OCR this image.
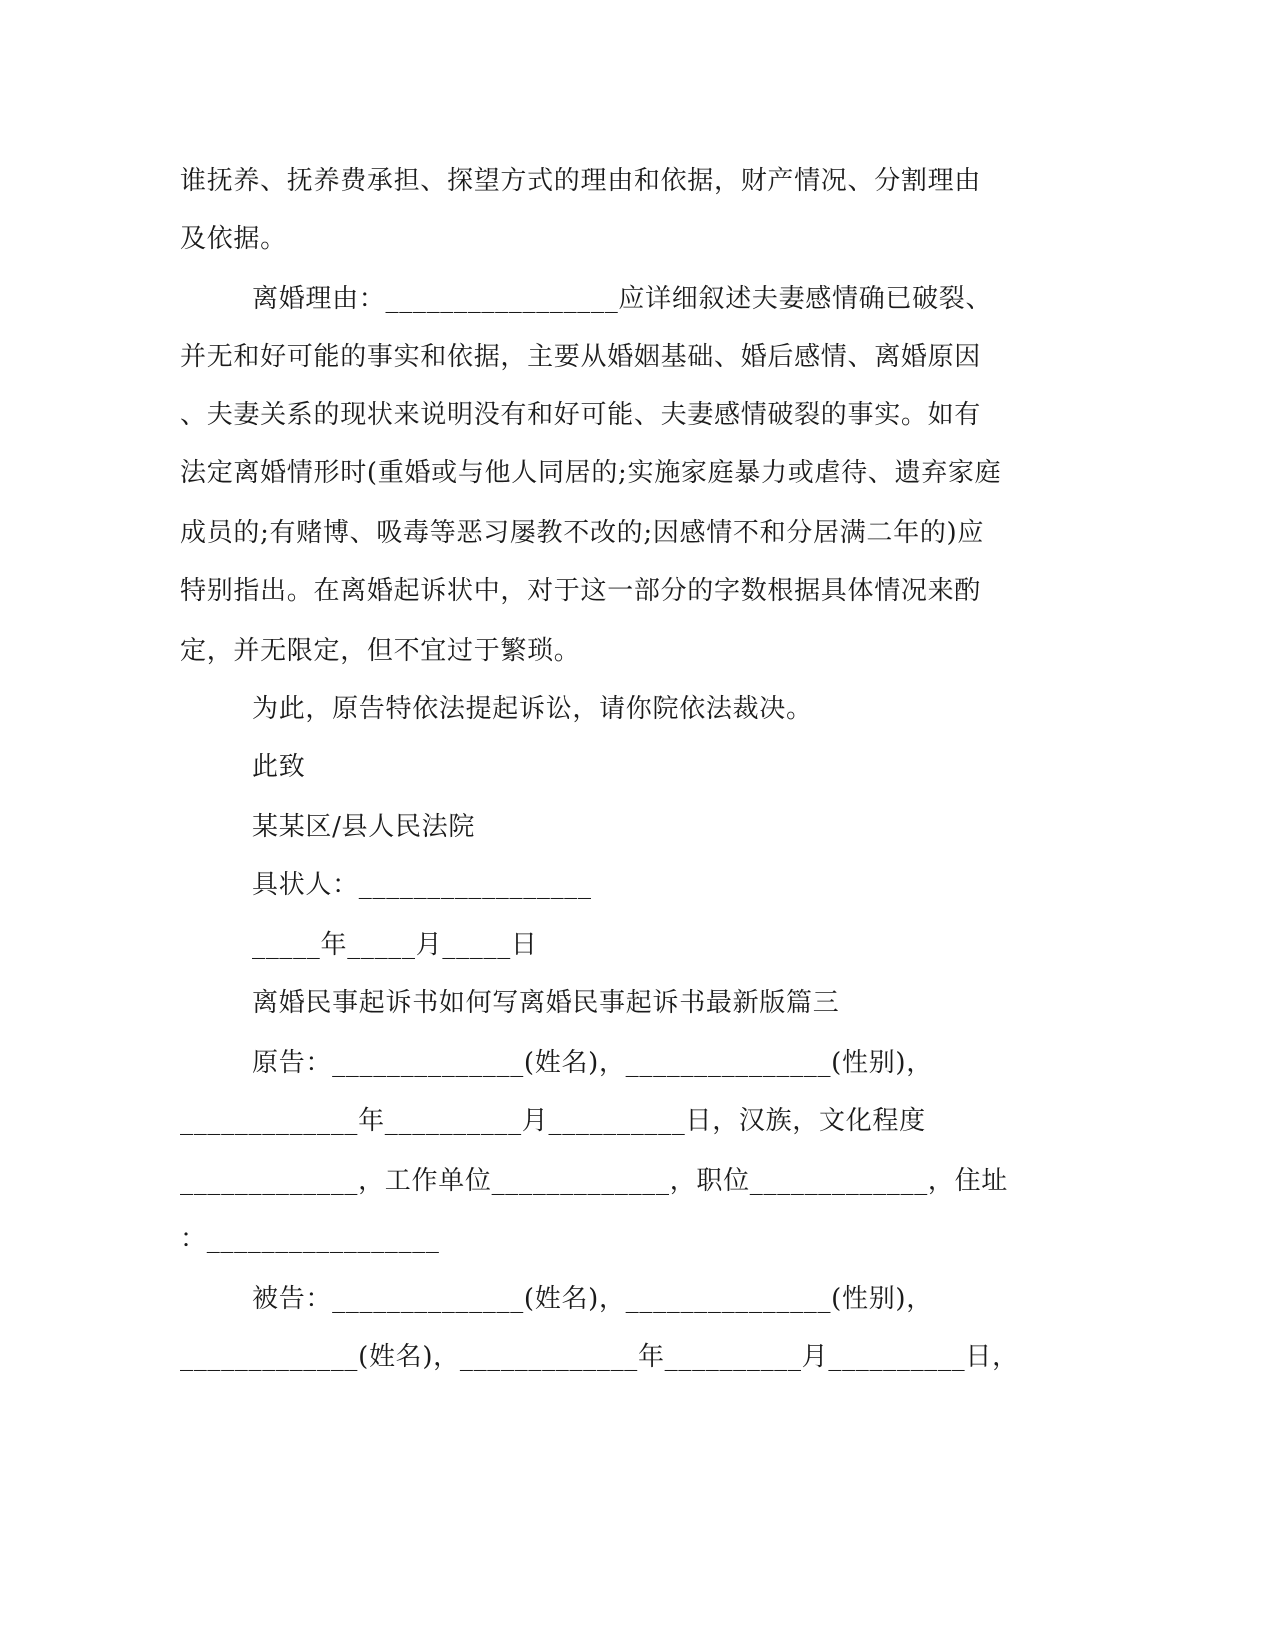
谁抚养、抚养费承担、探望方式的理由和依据，财产情况、分割理由
及依据。
离婚理由：_________________应详细叙述夫妻感情确已破裂、
并无和好可能的事实和依据，主要从婚姻基础、婚后感情、离婚原因
、夫妻关系的现状来说明没有和好可能、夫妻感情破裂的事实。如有
法定离婚情形时(重婚或与他人同居的;实施家庭暴力或虐待、遗弃家庭
成员的;有赌博、吸毒等恶习屡教不改的;因感情不和分居满二年的)应
特别指出。在离婚起诉状中，对于这一部分的字数根据具体情况来酌
定，并无限定，但不宜过于繁琐。
为此，原告特依法提起诉讼，请你院依法裁决。
此致
某某区/县人民法院
具状人：_________________
_____年_____月_____日
离婚民事起诉书如何写离婚民事起诉书最新版篇三
原告：______________(姓名)，_______________(性别)，
_____________年__________月__________日，汉族，文化程度
_____________，工作单位_____________，职位_____________，住址
：_________________
被告：______________(姓名)，_______________(性别)，
_____________(姓名)，_____________年__________月__________日，
